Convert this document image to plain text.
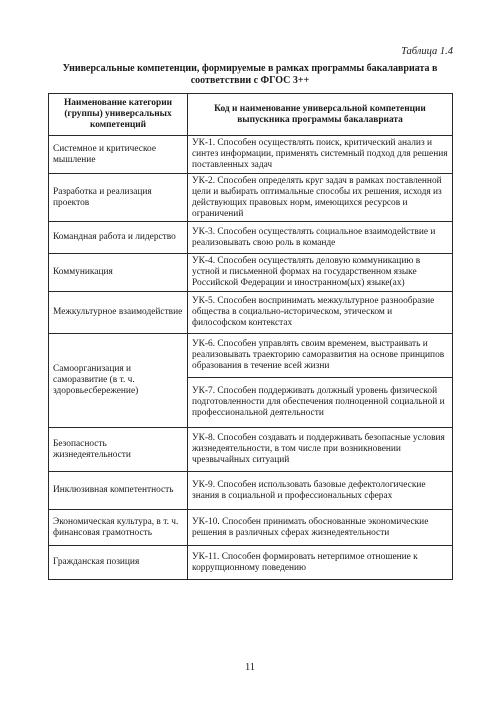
Таблица 1.4
Универсальные компетенции, формируемые в рамках программы бакалавриата в соответствии с ФГОС 3++
Наименование категории (группы) универсальных компетенций	Код и наименование универсальной компетенции выпускника программы бакалавриата
Системное и критическое мышление	УК-1. Способен осуществлять поиск, критический анализ и синтез информации, применять системный подход для решения поставленных задач
Разработка и реализация проектов	УК-2. Способен определять круг задач в рамках поставленной цели и выбирать оптимальные способы их решения, исходя из действующих правовых норм, имеющихся ресурсов и ограничений
Командная работа и лидерство	УК-3. Способен осуществлять социальное взаимодействие и реализовывать свою роль в команде
Коммуникация	УК-4. Способен осуществлять деловую коммуникацию в устной и письменной формах на государственном языке Российской Федерации и иностранном(ых) языке(ах)
Межкультурное взаимодействие	УК-5. Способен воспринимать межкультурное разнообразие общества в социально-историческом, этическом и философском контекстах
Самоорганизация и саморазвитие (в т. ч. здоровьесбережение)	УК-6. Способен управлять своим временем, выстраивать и реализовывать траекторию саморазвития на основе принципов образования в течение всей жизни
	УК-7. Способен поддерживать должный уровень физической подготовленности для обеспечения полноценной социальной и профессиональной деятельности
Безопасность жизнедеятельности	УК-8. Способен создавать и поддерживать безопасные условия жизнедеятельности, в том числе при возникновении чрезвычайных ситуаций
Инклюзивная компетентность	УК-9. Способен использовать базовые дефектологические знания в социальной и профессиональных сферах
Экономическая культура, в т. ч. финансовая грамотность	УК-10. Способен принимать обоснованные экономические решения в различных сферах жизнедеятельности
Гражданская позиция	УК-11. Способен формировать нетерпимое отношение к коррупционному поведению
11
